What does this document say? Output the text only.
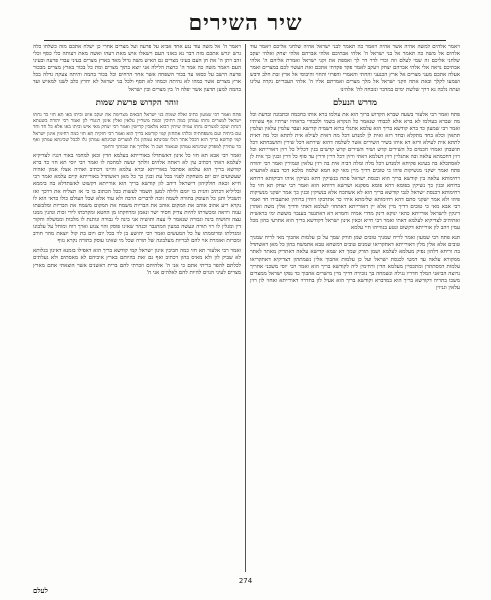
שיר השירים
ויאמר אלהים למשה אהיה אשר אהיה ויאמר כה תאמר לבני ישראל אהיה שלחני אליכם ויאמר עוד אלהים אל משה כה תאמר אל בני ישראל ה' אלהי אבתיכם אלהי אברהם אלהי יצחק ואלהי יעקב שלחני אליכם זה שמי לעלם וזה זכרי לדר דר לך ואספת את זקני ישראל ואמרת אליהם ה' אלהי אבתיכם נראה אלי אלהי אברהם יצחק ויעקב לאמר פקד פקדתי אתכם ואת העשוי לכם במצרים ואמר אעלה אתכם מעני מצרים אל ארץ הכנעני והחתי והאמרי והפרזי והחוי והיבוסי אל ארץ זבת חלב ודבש ושמעו לקלך ובאת אתה וזקני ישראל אל מלך מצרים ואמרתם אליו ה' אלהי העבריים נקרה עלינו ועתה נלכה נא דרך שלשת ימים במדבר ונזבחה לה' אלהינו
מדרש הנעלם

פתח ואמר רבי אלעזר בשעה שברא הקדוש ברוך הוא את עולמו ברא אותו בחכמה ובתבונה ובדעת וכל מה שברא בעולמו לא ברא אלא לכבודו שנאמר כל הנקרא בשמי ולכבודי בראתיו יצרתיו אף עשיתיו ואמר רבי שמעון כד ברא קודשא בריך הוא עלמא אתגלי ברזא דשמיה קדישא ועבד עלמין עלאין ועלמין תתאין וכלא בחד מתקלא ובחד רזא ואית לן למנדע דכל מה דאית לעילא אית לתתא וכל מה דאית לתתא אית לעילא ורזא דא איהו בשיר השירים אשר לשלמה דהוא שירתא דכל שירין ותושבחתא דכל תושבחן ואמרו חכמים כל השירים קדש ושיר השירים קדש קדשים בגין דכליל כל רזין דאורייתא וכל רזין דחכמתא עלאה ובה אתגליין רזין דעלמא דאתי ורזין דכל דרין ודרין עד סוף כל דרין ובגין כך אית לן לאסתכלא בה בעינא פקיחא ולמנדע דכל מלה ומלה דביה אית בה רזין עלאין וטמירין ואמר רבי יהודה פתח ואמר ישקני מנשיקות פיהו כי טובים דדיך מיין מאי קא חמא שלמה מלכא דכד בעא לאתערא רחימותא עלאה בין קודשא בריך הוא וכנסת ישראל פתח בנשיקין דהא נשיקין איהו דביקותא דרוחא ברוחא ובגין כך נשיקין בפומא דהא פומא מפקנא ושרשא דרוחא הוא ואמר רבי יצחק תא חזי כל רחימותא דכנסת ישראל לגבי קודשא בריך הוא לא אשתכח אלא בנשיקין ובגין כך אמר ישקני מנשיקות פיהו ולא אמר ישקני סתם דהא רחימותא שלימתא איהי כד אתדבקו רוחין ברוחין ואתעבידו חד ואמר רבי אבא מאי כי טובים דדיך מיין אלא יין דאורייתא דאתחזי לעלמא דאתי ודדיך אלין משה ואהרן דינקין לישראל אורייתא כהאי ינוקא דינק מדדי אמיה וחמרא דא דאתנטר בענבוי מששת ימי בראשית ואתיהיב לצדיקיא לעלמא דאתי ואמר רבי חייא זכאין אינון ישראל דקודשא בריך הוא אתרעי בהון מכל עמין ויהב לון אורייתא דקשוט ונטע בגווייהו חיי עלמא

תנא פתח רבי שמעון ואמר לריח שמניך טובים שמן תורק שמך על כן עלמות אהבוך מאי לריח שמניך טובים אלא אלין מלין דאורייתא דאתקריאו שמנים טובים דמשחא טבא אתמשח בהון כל מאן דאשתדל בה וריחא דלהון נפיק מעלמא לעלמא ושמן תורק שמך דא שמא קדישא עלאה דאתריק מאתר לאתר ממקורא עלאה עד דמטי לכנסת ישראל ועל כן עלמות אהבוך אלין נשמתהון דצדיקיא דאתקריאו עלמות דמסתתרן ומתכסיין מעלמא הדין ורחימין ליה לקודשא בריך הוא ואמר רבי יוסי משכני אחריך נרוצה הביאני המלך חדריו נגילה ונשמחה בך נזכירה דדיך מיין מישרים אהבוך כד נפקו ישראל ממצרים משכו בתריה דקודשא בריך הוא במדברא וקודשא בריך הוא אעיל לון בחדרוי דאורייתא ואחזי לון רזין עלאין וגניזין

ויאמר ה' אל משה עוד נגע אחד אביא על פרעה ועל מצרים אחרי כן ישלח אתכם מזה כשלחו כלה גרש יגרש אתכם מזה דבר נא באזני העם וישאלו איש מאת רעהו ואשה מאת רעותה כלי כסף וכלי זהב ויתן ה' את חן העם בעיני מצרים גם האיש משה גדול מאד בארץ מצרים בעיני עבדי פרעה ובעיני העם ויאמר משה כה אמר ה' כחצת הלילה אני יוצא בתוך מצרים ומת כל בכור בארץ מצרים מבכור פרעה הישב על כסאו עד בכור השפחה אשר אחר הרחים וכל בכור בהמה והיתה צעקה גדלה בכל ארץ מצרים אשר כמהו לא נהיתה וכמהו לא תסף ולכל בני ישראל לא יחרץ כלב לשנו למאיש ועד בהמה למען תדעון אשר יפלה ה' בין מצרים ובין ישראל
זוהר הקדוש פרשת שמות
פתח ואמר רבי שמעון כתיב ואלה שמות בני ישראל הבאים מצרימה את יעקב איש וביתו באו תא חזי כד נחתו ישראל למצרים נחתו עמהון כמה רתיכין וכמה משריין עלאין ואלין אינון דנטרי לון ואמר רבי יהודה בשעתא דנחת יעקב למצרים נחתו עמיה שיתין רבוא מלאכין קדישין ואמר רבי יצחק מאי איש וביתו באו אלא כל חד וחד עם ביתיה ועם משפחתיה וכלהו אתחזון קמי קודשא בריך הוא ואמר רבי חזקיה תא חזי כמה רחימין אינון ישראל קמי קודשא בריך הוא דבכל אתר דגלו שכינתא עמהון גלו למצרים שכינתא עמהון גלו לבבל שכינתא עמהון ואף כד עתידין למפרק שכינתא עמהון שנאמר ושב ה' אלהיך את שבותך ורחמך

ואמר רבי אבא תא חזי כל אינון דאשתדלו באורייתא בעלמא הדין זכאן למחמי באור דגניז לצדיקיא לעלמא דאתי דכתיב עין לא ראתה אלהים זולתך יעשה למחכה לו ואמר רבי יוסי תא חזי כד ברא קודשא בריך הוא עלמא אסתכל באורייתא וברא עלמא והיינו דכתיב ואהיה אצלו אמון ואהיה שעשועים יום יום משחקת לפניו בכל עת ובגין כך כל מאן דאשתדל באורייתא קיים עלמא ואמר רבי חייא זכאה חולקיהון דישראל דיהב לון קודשא בריך הוא אורייתא דקשוט לאשתדלא בה ביממא ובליליא דכתיב והגית בו יומם ולילה למען תשמר לעשות ככל הכתוב בו כי אז תצליח את דרכך ואז תשכיל ותנן כל העוסק בתורה לשמה זוכה לדברים הרבה ולא עוד אלא שכל העולם כולו כדאי הוא לו נקרא ריע אהוב אוהב את המקום אוהב את הבריות משמח את המקום משמח את הבריות ומלבשתו ענוה ויראה ומכשרתו להיות צדיק חסיד ישר ונאמן ומרחקתו מן החטא ומקרבתו לידי זכות ונהנין ממנו עצה ותושיה בינה וגבורה שנאמר לי עצה ותושיה אני בינה לי גבורה ונותנת לו מלכות וממשלה וחקור דין ומגלין לו רזי תורה ונעשה כמעין המתגבר וכנהר שאינו פוסק והוי צנוע וארך רוח ומוחל על עלבונו ומגדלתו ומרוממתו על כל המעשים ואמר רבי יהושע בן לוי בכל יום ויום בת קול יוצאת מהר חורב ומכרזת ואומרת אוי להם לבריות מעלבונה של תורה שכל מי שאינו עוסק בתורה נקרא נזוף

ואמר רבי אלעזר תא חזי כמה חביבין אינון ישראל קמי קודשא בריך הוא דאפילו בזמנא דאינון בגלותא לא שביק לון ולא מאיס בהון דכתיב ואף גם זאת בהיותם בארץ איביהם לא מאסתים ולא געלתים לכלתם להפר בריתי אתם כי אני ה' אלהיהם וזכרתי להם ברית ראשנים אשר הוצאתי אתם מארץ מצרים לעיני הגוים להיות להם לאלהים אני ה'

274
לעלם
